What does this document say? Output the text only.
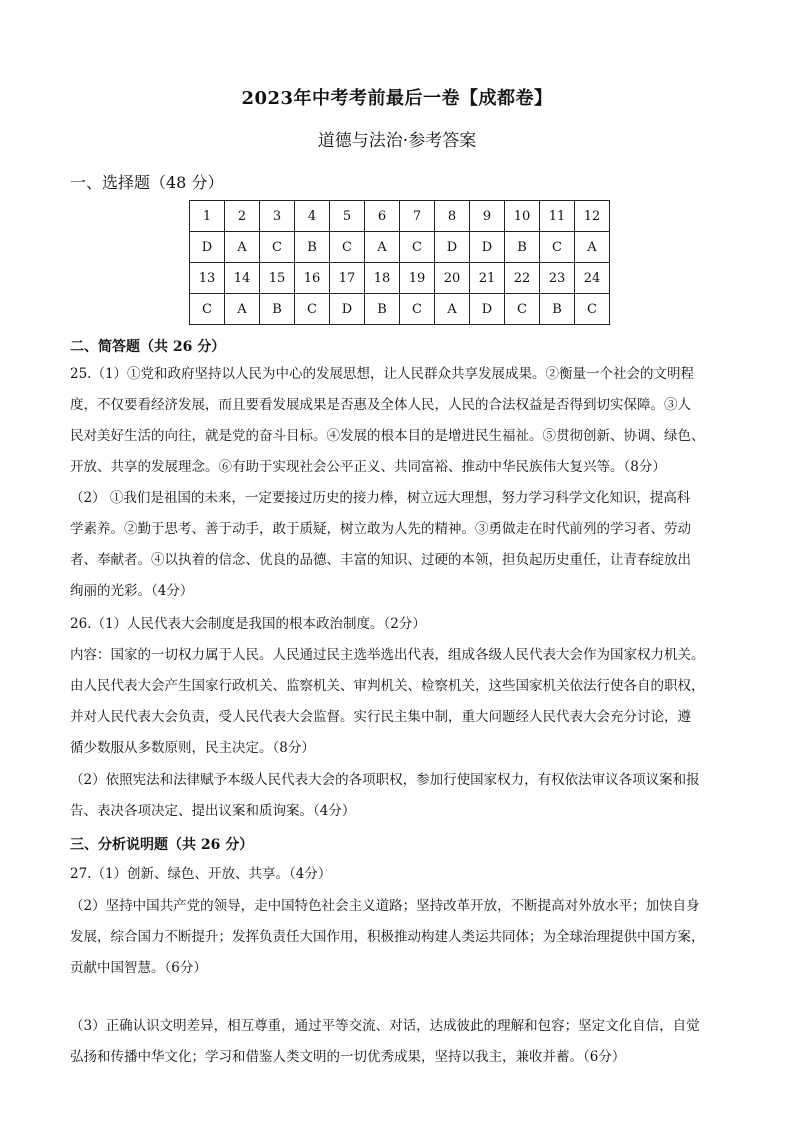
2023年中考考前最后一卷【成都卷】
道德与法治·参考答案
一、选择题（48 分）
1	2	3	4	5	6	7	8	9	10	11	12
D	A	C	B	C	A	C	D	D	B	C	A
13	14	15	16	17	18	19	20	21	22	23	24
C	A	B	C	D	B	C	A	D	C	B	C
二、简答题（共 26 分）
25.（1）①党和政府坚持以人民为中心的发展思想，让人民群众共享发展成果。②衡量一个社会的文明程
度，不仅要看经济发展，而且要看发展成果是否惠及全体人民，人民的合法权益是否得到切实保障。③人
民对美好生活的向往，就是党的奋斗目标。④发展的根本目的是增进民生福祉。⑤贯彻创新、协调、绿色、
开放、共享的发展理念。⑥有助于实现社会公平正义、共同富裕、推动中华民族伟大复兴等。（8分）
（2） ①我们是祖国的未来，一定要接过历史的接力棒，树立远大理想，努力学习科学文化知识，提高科
学素养。②勤于思考、善于动手，敢于质疑，树立敢为人先的精神。③勇做走在时代前列的学习者、劳动
者、奉献者。④以执着的信念、优良的品德、丰富的知识、过硬的本领，担负起历史重任，让青春绽放出
绚丽的光彩。（4分）
26.（1）人民代表大会制度是我国的根本政治制度。（2分）
内容：国家的一切权力属于人民。人民通过民主选举选出代表，组成各级人民代表大会作为国家权力机关。
由人民代表大会产生国家行政机关、监察机关、审判机关、检察机关，这些国家机关依法行使各自的职权，
并对人民代表大会负责，受人民代表大会监督。实行民主集中制，重大问题经人民代表大会充分讨论，遵
循少数服从多数原则，民主决定。（8分）
（2）依照宪法和法律赋予本级人民代表大会的各项职权，参加行使国家权力，有权依法审议各项议案和报
告、表决各项决定、提出议案和质询案。（4分）
三、分析说明题（共 26 分）
27.（1）创新、绿色、开放、共享。（4分）
（2）坚持中国共产党的领导，走中国特色社会主义道路；坚持改革开放，不断提高对外放水平；加快自身
发展，综合国力不断提升；发挥负责任大国作用，积极推动构建人类运共同体；为全球治理提供中国方案，
贡献中国智慧。（6分）
（3）正确认识文明差异，相互尊重，通过平等交流、对话，达成彼此的理解和包容；坚定文化自信，自觉
弘扬和传播中华文化；学习和借鉴人类文明的一切优秀成果，坚持以我主，兼收并蓄。（6分）
